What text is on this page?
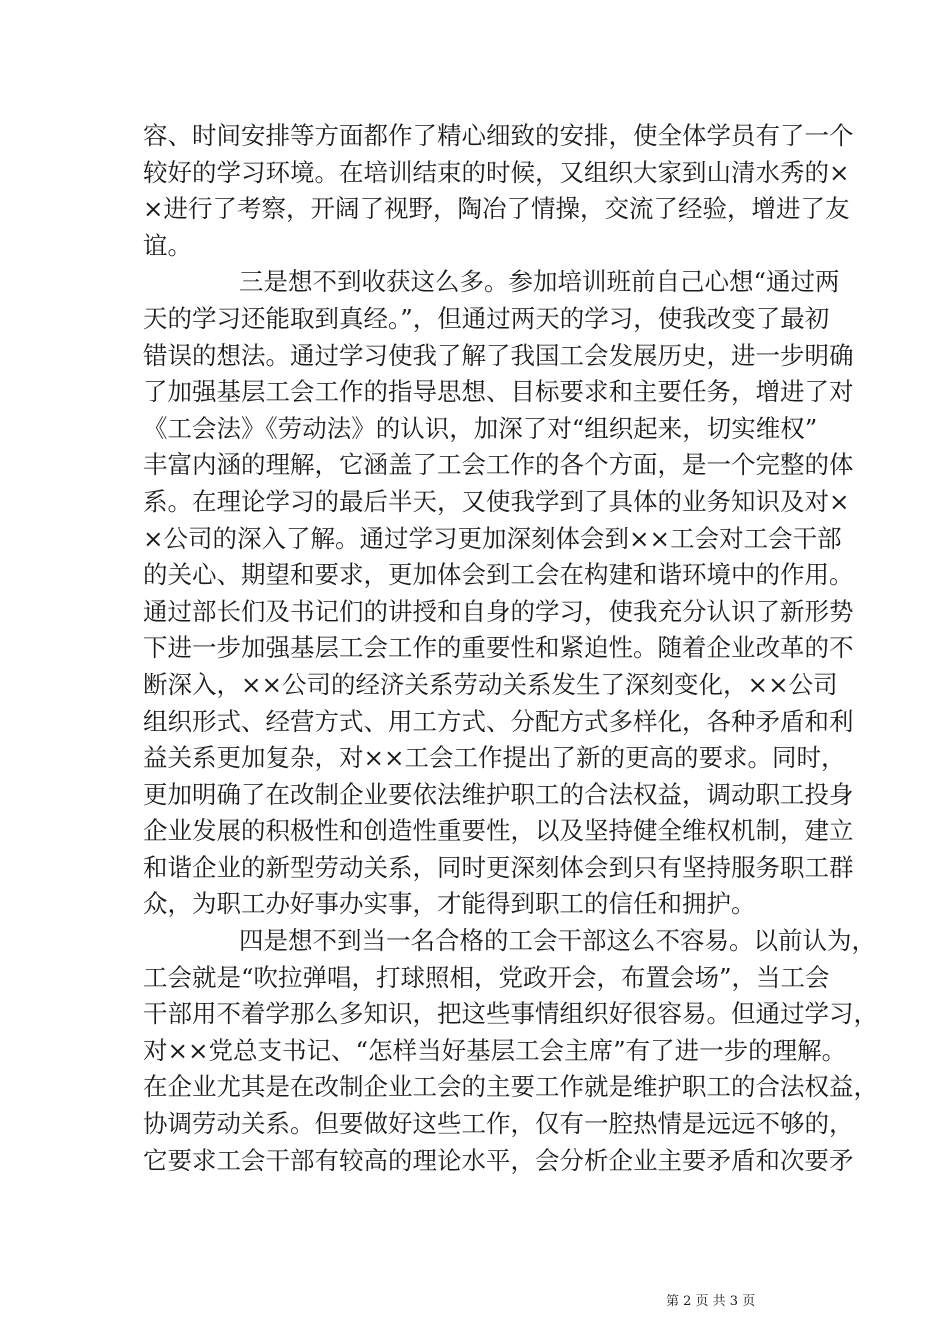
容、时间安排等方面都作了精心细致的安排，使全体学员有了一个
较好的学习环境。在培训结束的时候，又组织大家到山清水秀的×
×进行了考察，开阔了视野，陶冶了情操，交流了经验，增进了友
谊。
三是想不到收获这么多。参加培训班前自己心想“通过两
天的学习还能取到真经。”，但通过两天的学习，使我改变了最初
错误的想法。通过学习使我了解了我国工会发展历史，进一步明确
了加强基层工会工作的指导思想、目标要求和主要任务，增进了对
《工会法》《劳动法》的认识，加深了对“组织起来，切实维权”
丰富内涵的理解，它涵盖了工会工作的各个方面，是一个完整的体
系。在理论学习的最后半天，又使我学到了具体的业务知识及对×
×公司的深入了解。通过学习更加深刻体会到××工会对工会干部
的关心、期望和要求，更加体会到工会在构建和谐环境中的作用。
通过部长们及书记们的讲授和自身的学习，使我充分认识了新形势
下进一步加强基层工会工作的重要性和紧迫性。随着企业改革的不
断深入，××公司的经济关系劳动关系发生了深刻变化，××公司
组织形式、经营方式、用工方式、分配方式多样化，各种矛盾和利
益关系更加复杂，对××工会工作提出了新的更高的要求。同时，
更加明确了在改制企业要依法维护职工的合法权益，调动职工投身
企业发展的积极性和创造性重要性，以及坚持健全维权机制，建立
和谐企业的新型劳动关系，同时更深刻体会到只有坚持服务职工群
众，为职工办好事办实事，才能得到职工的信任和拥护。
四是想不到当一名合格的工会干部这么不容易。以前认为，
工会就是“吹拉弹唱，打球照相，党政开会，布置会场”，当工会
干部用不着学那么多知识，把这些事情组织好很容易。但通过学习，
对××党总支书记、“怎样当好基层工会主席”有了进一步的理解。
在企业尤其是在改制企业工会的主要工作就是维护职工的合法权益，
协调劳动关系。但要做好这些工作，仅有一腔热情是远远不够的，
它要求工会干部有较高的理论水平，会分析企业主要矛盾和次要矛
第 2 页 共 3 页
